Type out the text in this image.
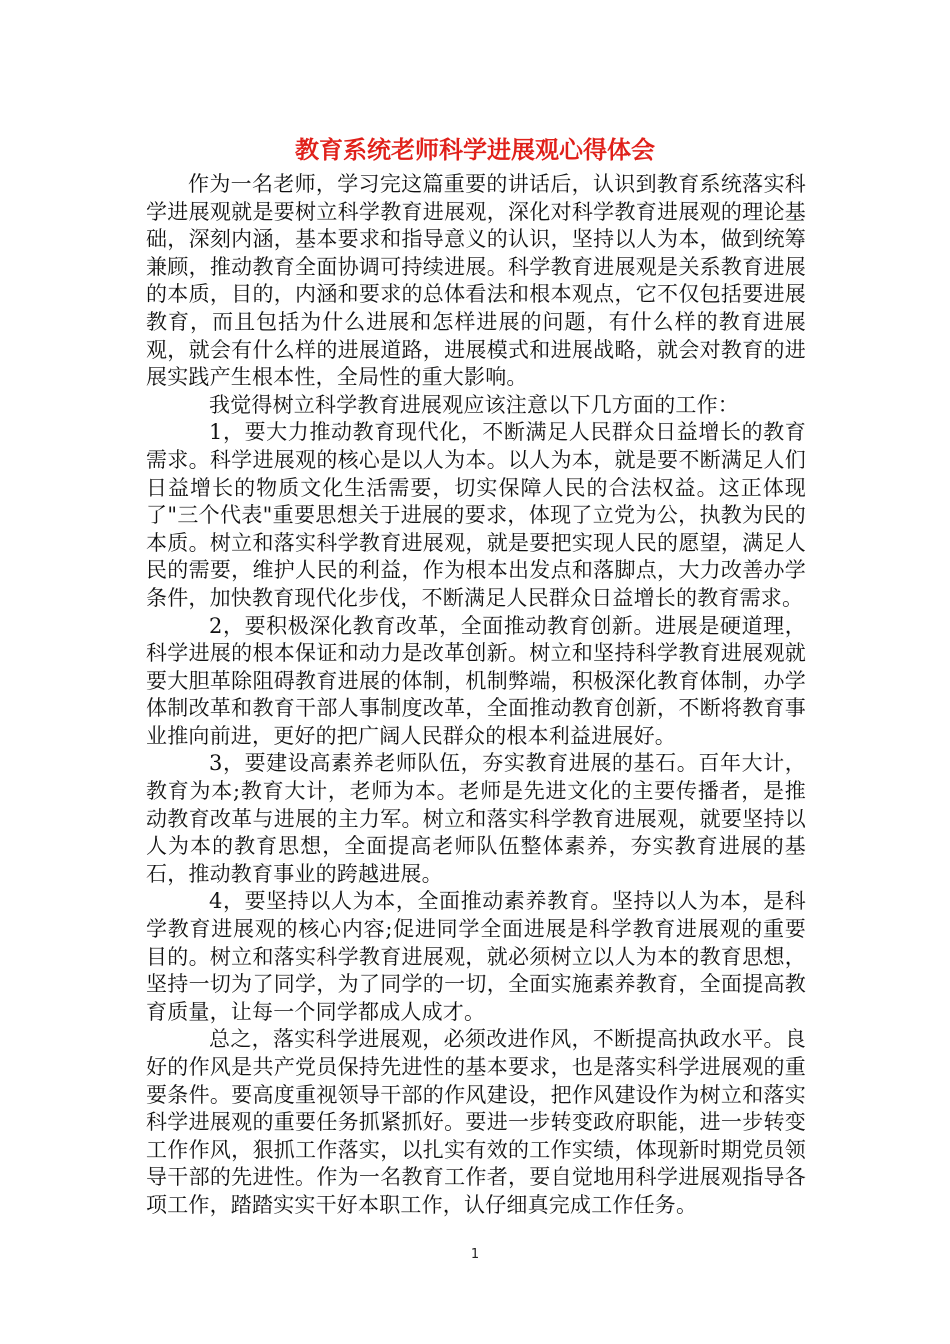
教育系统老师科学进展观心得体会

作为一名老师，学习完这篇重要的讲话后，认识到教育系统落实科学进展观就是要树立科学教育进展观，深化对科学教育进展观的理论基础，深刻内涵，基本要求和指导意义的认识，坚持以人为本，做到统筹兼顾，推动教育全面协调可持续进展。科学教育进展观是关系教育进展的本质，目的，内涵和要求的总体看法和根本观点，它不仅包括要进展教育，而且包括为什么进展和怎样进展的问题，有什么样的教育进展观，就会有什么样的进展道路，进展模式和进展战略，就会对教育的进展实践产生根本性，全局性的重大影响。

我觉得树立科学教育进展观应该注意以下几方面的工作：

1，要大力推动教育现代化，不断满足人民群众日益增长的教育需求。科学进展观的核心是以人为本。以人为本，就是要不断满足人们日益增长的物质文化生活需要，切实保障人民的合法权益。这正体现了"三个代表"重要思想关于进展的要求，体现了立党为公，执教为民的本质。树立和落实科学教育进展观，就是要把实现人民的愿望，满足人民的需要，维护人民的利益，作为根本出发点和落脚点，大力改善办学条件，加快教育现代化步伐，不断满足人民群众日益增长的教育需求。

2，要积极深化教育改革，全面推动教育创新。进展是硬道理，科学进展的根本保证和动力是改革创新。树立和坚持科学教育进展观就要大胆革除阻碍教育进展的体制，机制弊端，积极深化教育体制，办学体制改革和教育干部人事制度改革，全面推动教育创新，不断将教育事业推向前进，更好的把广阔人民群众的根本利益进展好。

3，要建设高素养老师队伍，夯实教育进展的基石。百年大计，教育为本;教育大计，老师为本。老师是先进文化的主要传播者，是推动教育改革与进展的主力军。树立和落实科学教育进展观，就要坚持以人为本的教育思想，全面提高老师队伍整体素养，夯实教育进展的基石，推动教育事业的跨越进展。

4，要坚持以人为本，全面推动素养教育。坚持以人为本，是科学教育进展观的核心内容;促进同学全面进展是科学教育进展观的重要目的。树立和落实科学教育进展观，就必须树立以人为本的教育思想，坚持一切为了同学，为了同学的一切，全面实施素养教育，全面提高教育质量，让每一个同学都成人成才。

总之，落实科学进展观，必须改进作风，不断提高执政水平。良好的作风是共产党员保持先进性的基本要求，也是落实科学进展观的重要条件。要高度重视领导干部的作风建设，把作风建设作为树立和落实科学进展观的重要任务抓紧抓好。要进一步转变政府职能，进一步转变工作作风，狠抓工作落实，以扎实有效的工作实绩，体现新时期党员领导干部的先进性。作为一名教育工作者，要自觉地用科学进展观指导各项工作，踏踏实实干好本职工作，认仔细真完成工作任务。

1
